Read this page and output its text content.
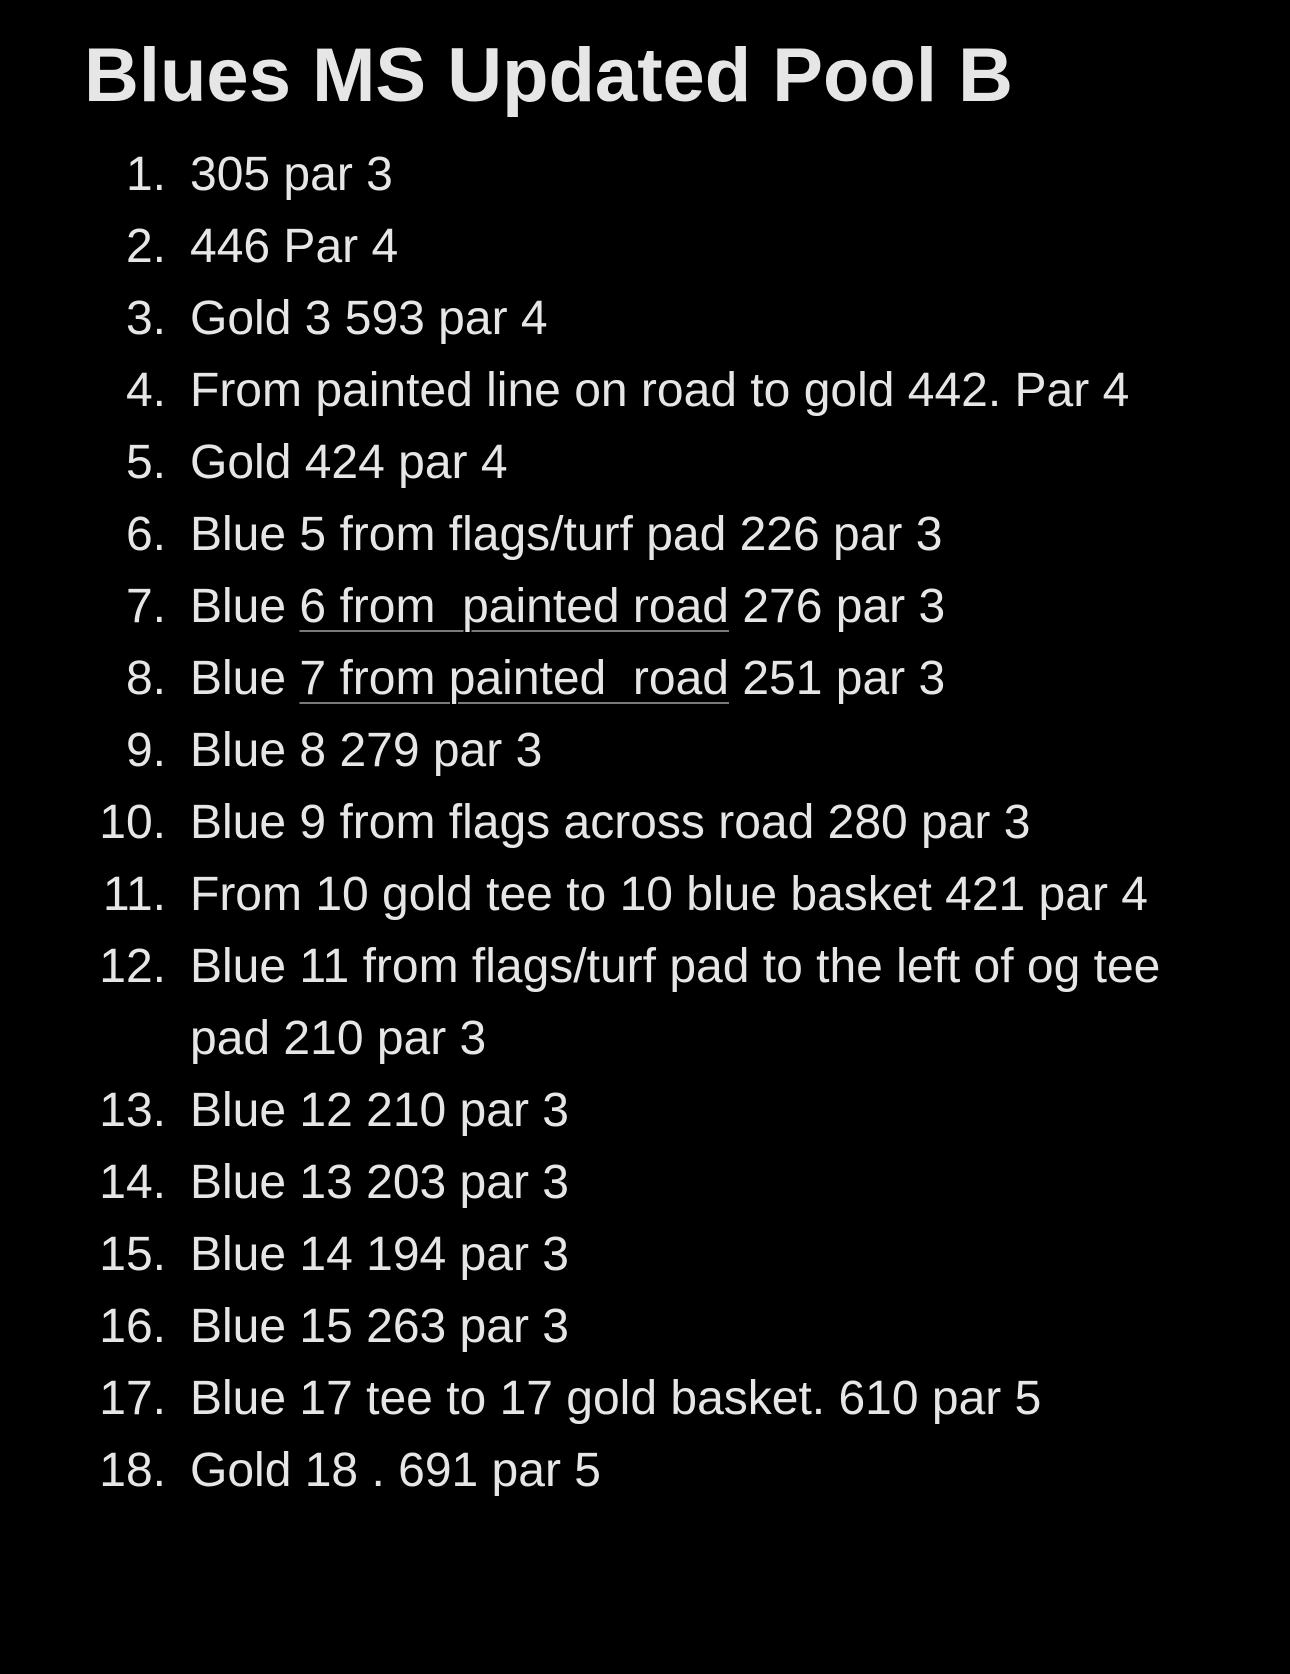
Blues MS Updated Pool B
1. 305 par 3
2. 446 Par 4
3. Gold 3 593 par 4
4. From painted line on road to gold 442. Par 4
5. Gold 424 par 4
6. Blue 5 from flags/turf pad 226 par 3
7. Blue 6 from  painted road 276 par 3
8. Blue 7 from painted  road 251 par 3
9. Blue 8 279 par 3
10. Blue 9 from flags across road 280 par 3
11. From 10 gold tee to 10 blue basket 421 par 4
12. Blue 11 from flags/turf pad to the left of og tee pad 210 par 3
13. Blue 12 210 par 3
14. Blue 13 203 par 3
15. Blue 14 194 par 3
16. Blue 15 263 par 3
17. Blue 17 tee to 17 gold basket. 610 par 5
18. Gold 18 . 691 par 5
